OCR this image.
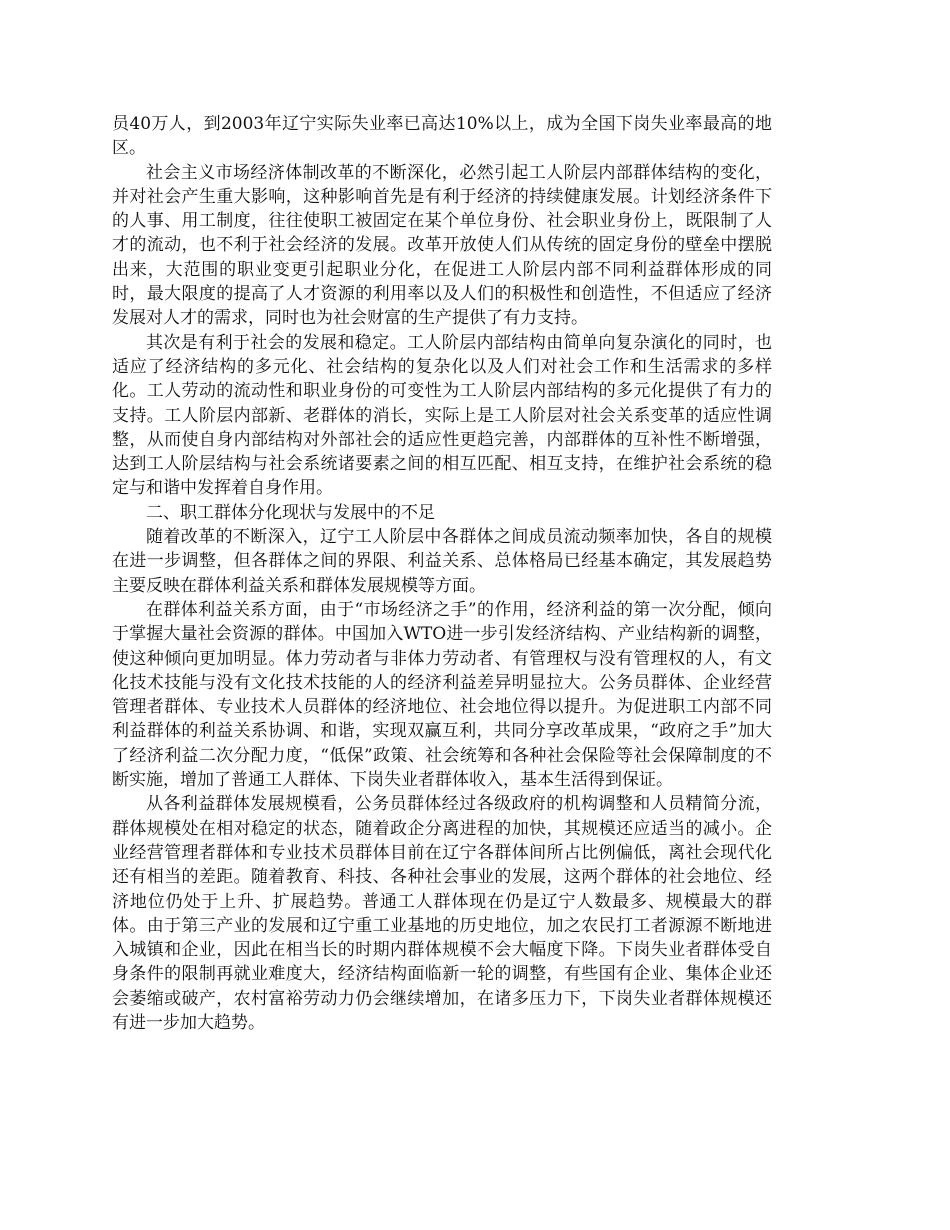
员40万人，到2003年辽宁实际失业率已高达10%以上，成为全国下岗失业率最高的地区。

社会主义市场经济体制改革的不断深化，必然引起工人阶层内部群体结构的变化，并对社会产生重大影响，这种影响首先是有利于经济的持续健康发展。计划经济条件下的人事、用工制度，往往使职工被固定在某个单位身份、社会职业身份上，既限制了人才的流动，也不利于社会经济的发展。改革开放使人们从传统的固定身份的壁垒中摆脱出来，大范围的职业变更引起职业分化，在促进工人阶层内部不同利益群体形成的同时，最大限度的提高了人才资源的利用率以及人们的积极性和创造性，不但适应了经济发展对人才的需求，同时也为社会财富的生产提供了有力支持。

其次是有利于社会的发展和稳定。工人阶层内部结构由简单向复杂演化的同时，也适应了经济结构的多元化、社会结构的复杂化以及人们对社会工作和生活需求的多样化。工人劳动的流动性和职业身份的可变性为工人阶层内部结构的多元化提供了有力的支持。工人阶层内部新、老群体的消长，实际上是工人阶层对社会关系变革的适应性调整，从而使自身内部结构对外部社会的适应性更趋完善，内部群体的互补性不断增强，达到工人阶层结构与社会系统诸要素之间的相互匹配、相互支持，在维护社会系统的稳定与和谐中发挥着自身作用。

二、职工群体分化现状与发展中的不足

随着改革的不断深入，辽宁工人阶层中各群体之间成员流动频率加快，各自的规模在进一步调整，但各群体之间的界限、利益关系、总体格局已经基本确定，其发展趋势主要反映在群体利益关系和群体发展规模等方面。

在群体利益关系方面，由于“市场经济之手”的作用，经济利益的第一次分配，倾向于掌握大量社会资源的群体。中国加入WTO进一步引发经济结构、产业结构新的调整，使这种倾向更加明显。体力劳动者与非体力劳动者、有管理权与没有管理权的人，有文化技术技能与没有文化技术技能的人的经济利益差异明显拉大。公务员群体、企业经营管理者群体、专业技术人员群体的经济地位、社会地位得以提升。为促进职工内部不同利益群体的利益关系协调、和谐，实现双赢互利，共同分享改革成果，“政府之手”加大了经济利益二次分配力度，“低保”政策、社会统筹和各种社会保险等社会保障制度的不断实施，增加了普通工人群体、下岗失业者群体收入，基本生活得到保证。

从各利益群体发展规模看，公务员群体经过各级政府的机构调整和人员精简分流，群体规模处在相对稳定的状态，随着政企分离进程的加快，其规模还应适当的减小。企业经营管理者群体和专业技术员群体目前在辽宁各群体间所占比例偏低，离社会现代化还有相当的差距。随着教育、科技、各种社会事业的发展，这两个群体的社会地位、经济地位仍处于上升、扩展趋势。普通工人群体现在仍是辽宁人数最多、规模最大的群体。由于第三产业的发展和辽宁重工业基地的历史地位，加之农民打工者源源不断地进入城镇和企业，因此在相当长的时期内群体规模不会大幅度下降。下岗失业者群体受自身条件的限制再就业难度大，经济结构面临新一轮的调整，有些国有企业、集体企业还会萎缩或破产，农村富裕劳动力仍会继续增加，在诸多压力下，下岗失业者群体规模还有进一步加大趋势。
